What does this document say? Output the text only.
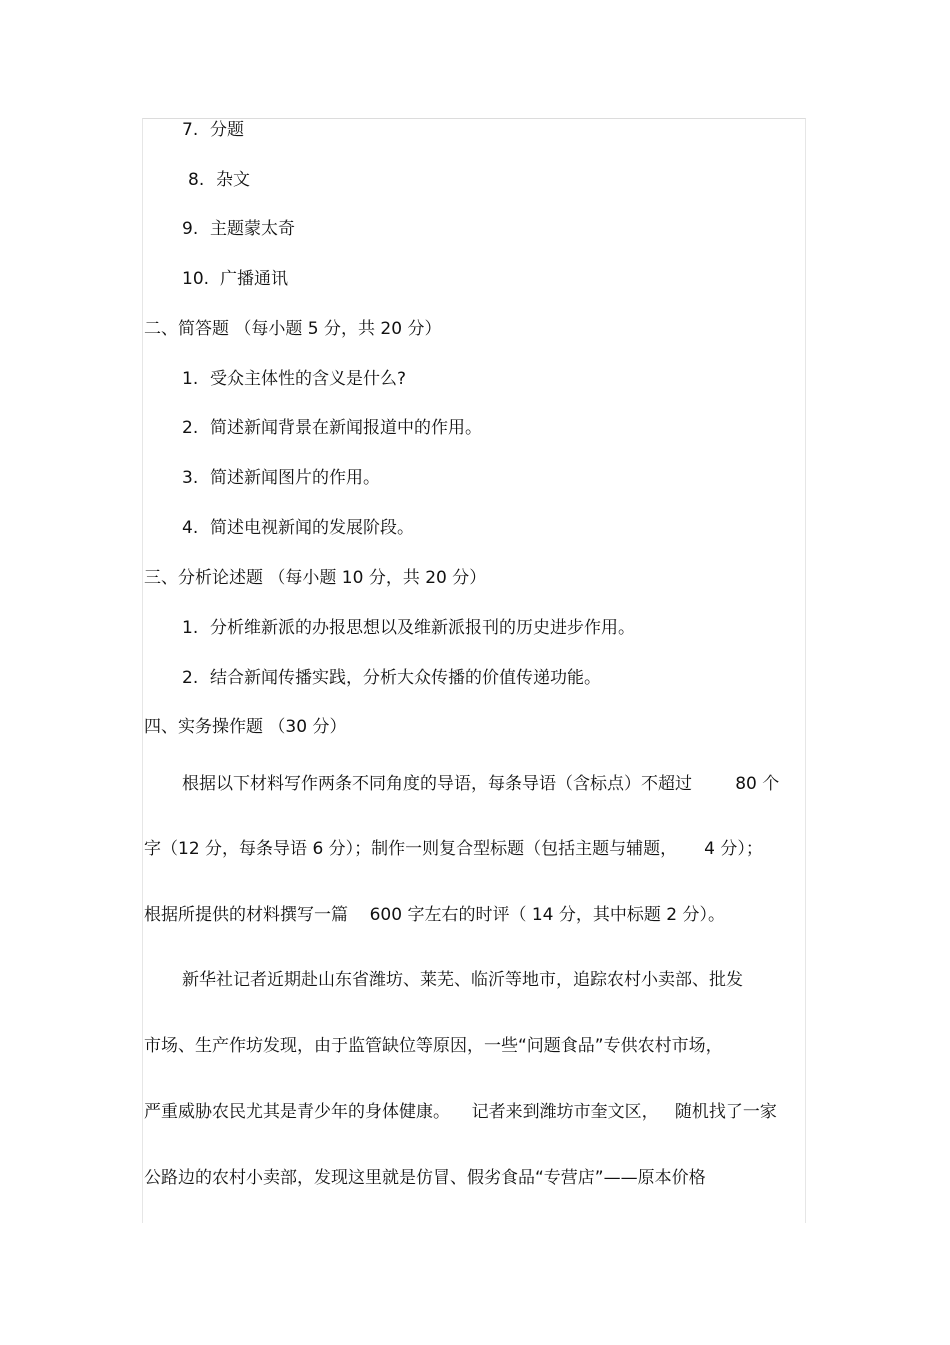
7. 分题

8. 杂文

9. 主题蒙太奇

10. 广播通讯

二、简答题 （每小题 5 分，共 20 分）

1. 受众主体性的含义是什么?

2. 简述新闻背景在新闻报道中的作用。

3. 简述新闻图片的作用。

4. 简述电视新闻的发展阶段。

三、分析论述题 （每小题 10 分，共 20 分）

1. 分析维新派的办报思想以及维新派报刊的历史进步作用。

2. 结合新闻传播实践，分析大众传播的价值传递功能。

四、实务操作题 （30 分）

根据以下材料写作两条不同角度的导语，每条导语（含标点）不超过        80 个

字（12 分，每条导语 6 分）；制作一则复合型标题（包括主题与辅题，     4 分）；

根据所提供的材料撰写一篇    600 字左右的时评（ 14 分，其中标题 2 分）。

新华社记者近期赴山东省潍坊、莱芜、临沂等地市，追踪农村小卖部、批发

市场、生产作坊发现，由于监管缺位等原因，一些“问题食品”专供农村市场，

严重威胁农民尤其是青少年的身体健康。    记者来到潍坊市奎文区，   随机找了一家

公路边的农村小卖部，发现这里就是仿冒、假劣食品“专营店”——原本价格
